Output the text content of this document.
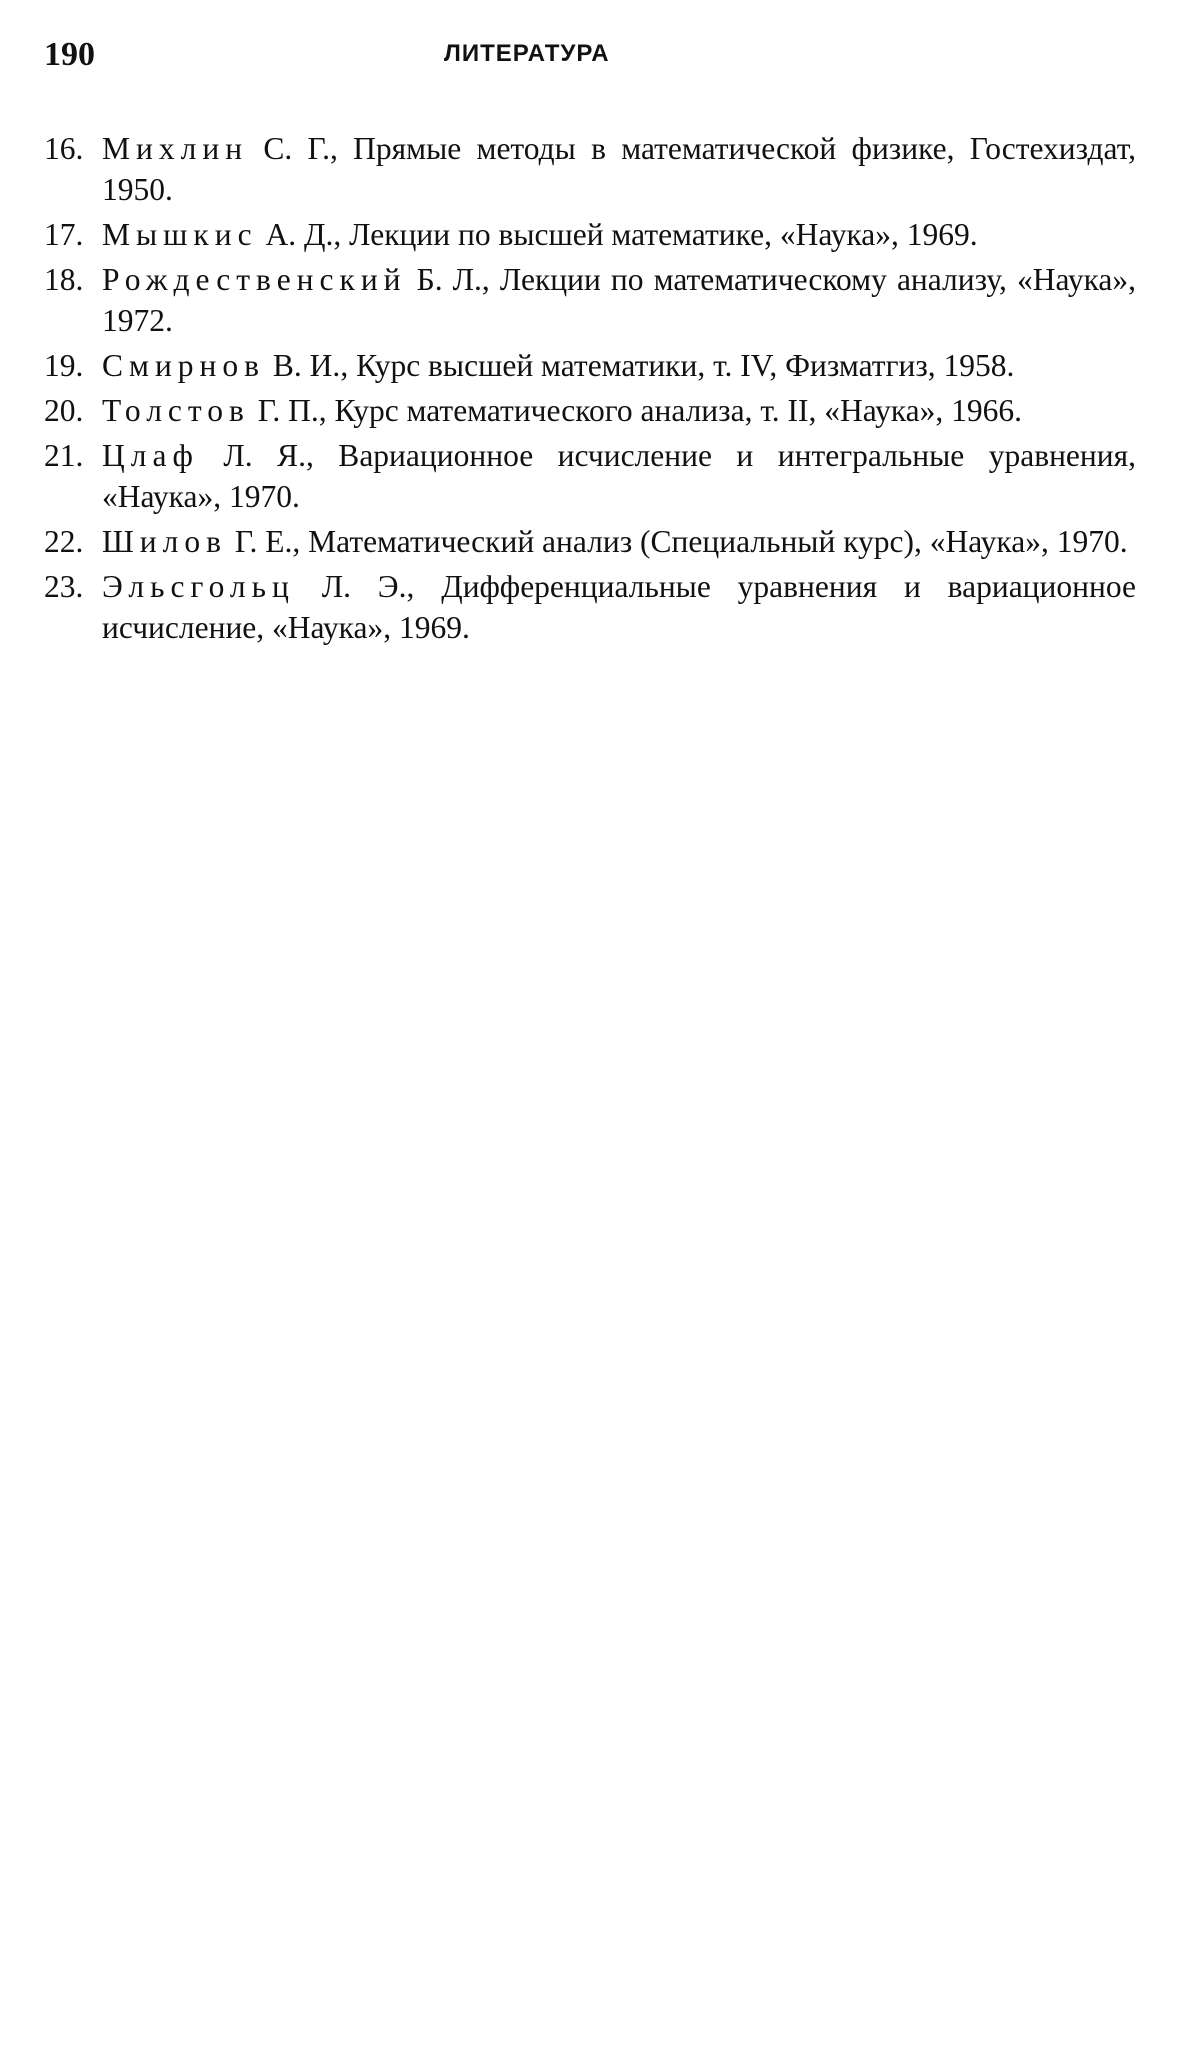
190	ЛИТЕРАТУРА
16. Михлин С. Г., Прямые методы в математической физике, Гостехиздат, 1950.
17. Мышкис А. Д., Лекции по высшей математике, «Наука», 1969.
18. Рождественский Б. Л., Лекции по математическому анализу, «Наука», 1972.
19. Смирнов В. И., Курс высшей математики, т. IV, Физматгиз, 1958.
20. Толстов Г. П., Курс математического анализа, т. II, «Наука», 1966.
21. Цлаф Л. Я., Вариационное исчисление и интегральные уравнения, «Наука», 1970.
22. Шилов Г. Е., Математический анализ (Специальный курс), «Наука», 1970.
23. Эльсгольц Л. Э., Дифференциальные уравнения и вариационное исчисление, «Наука», 1969.
